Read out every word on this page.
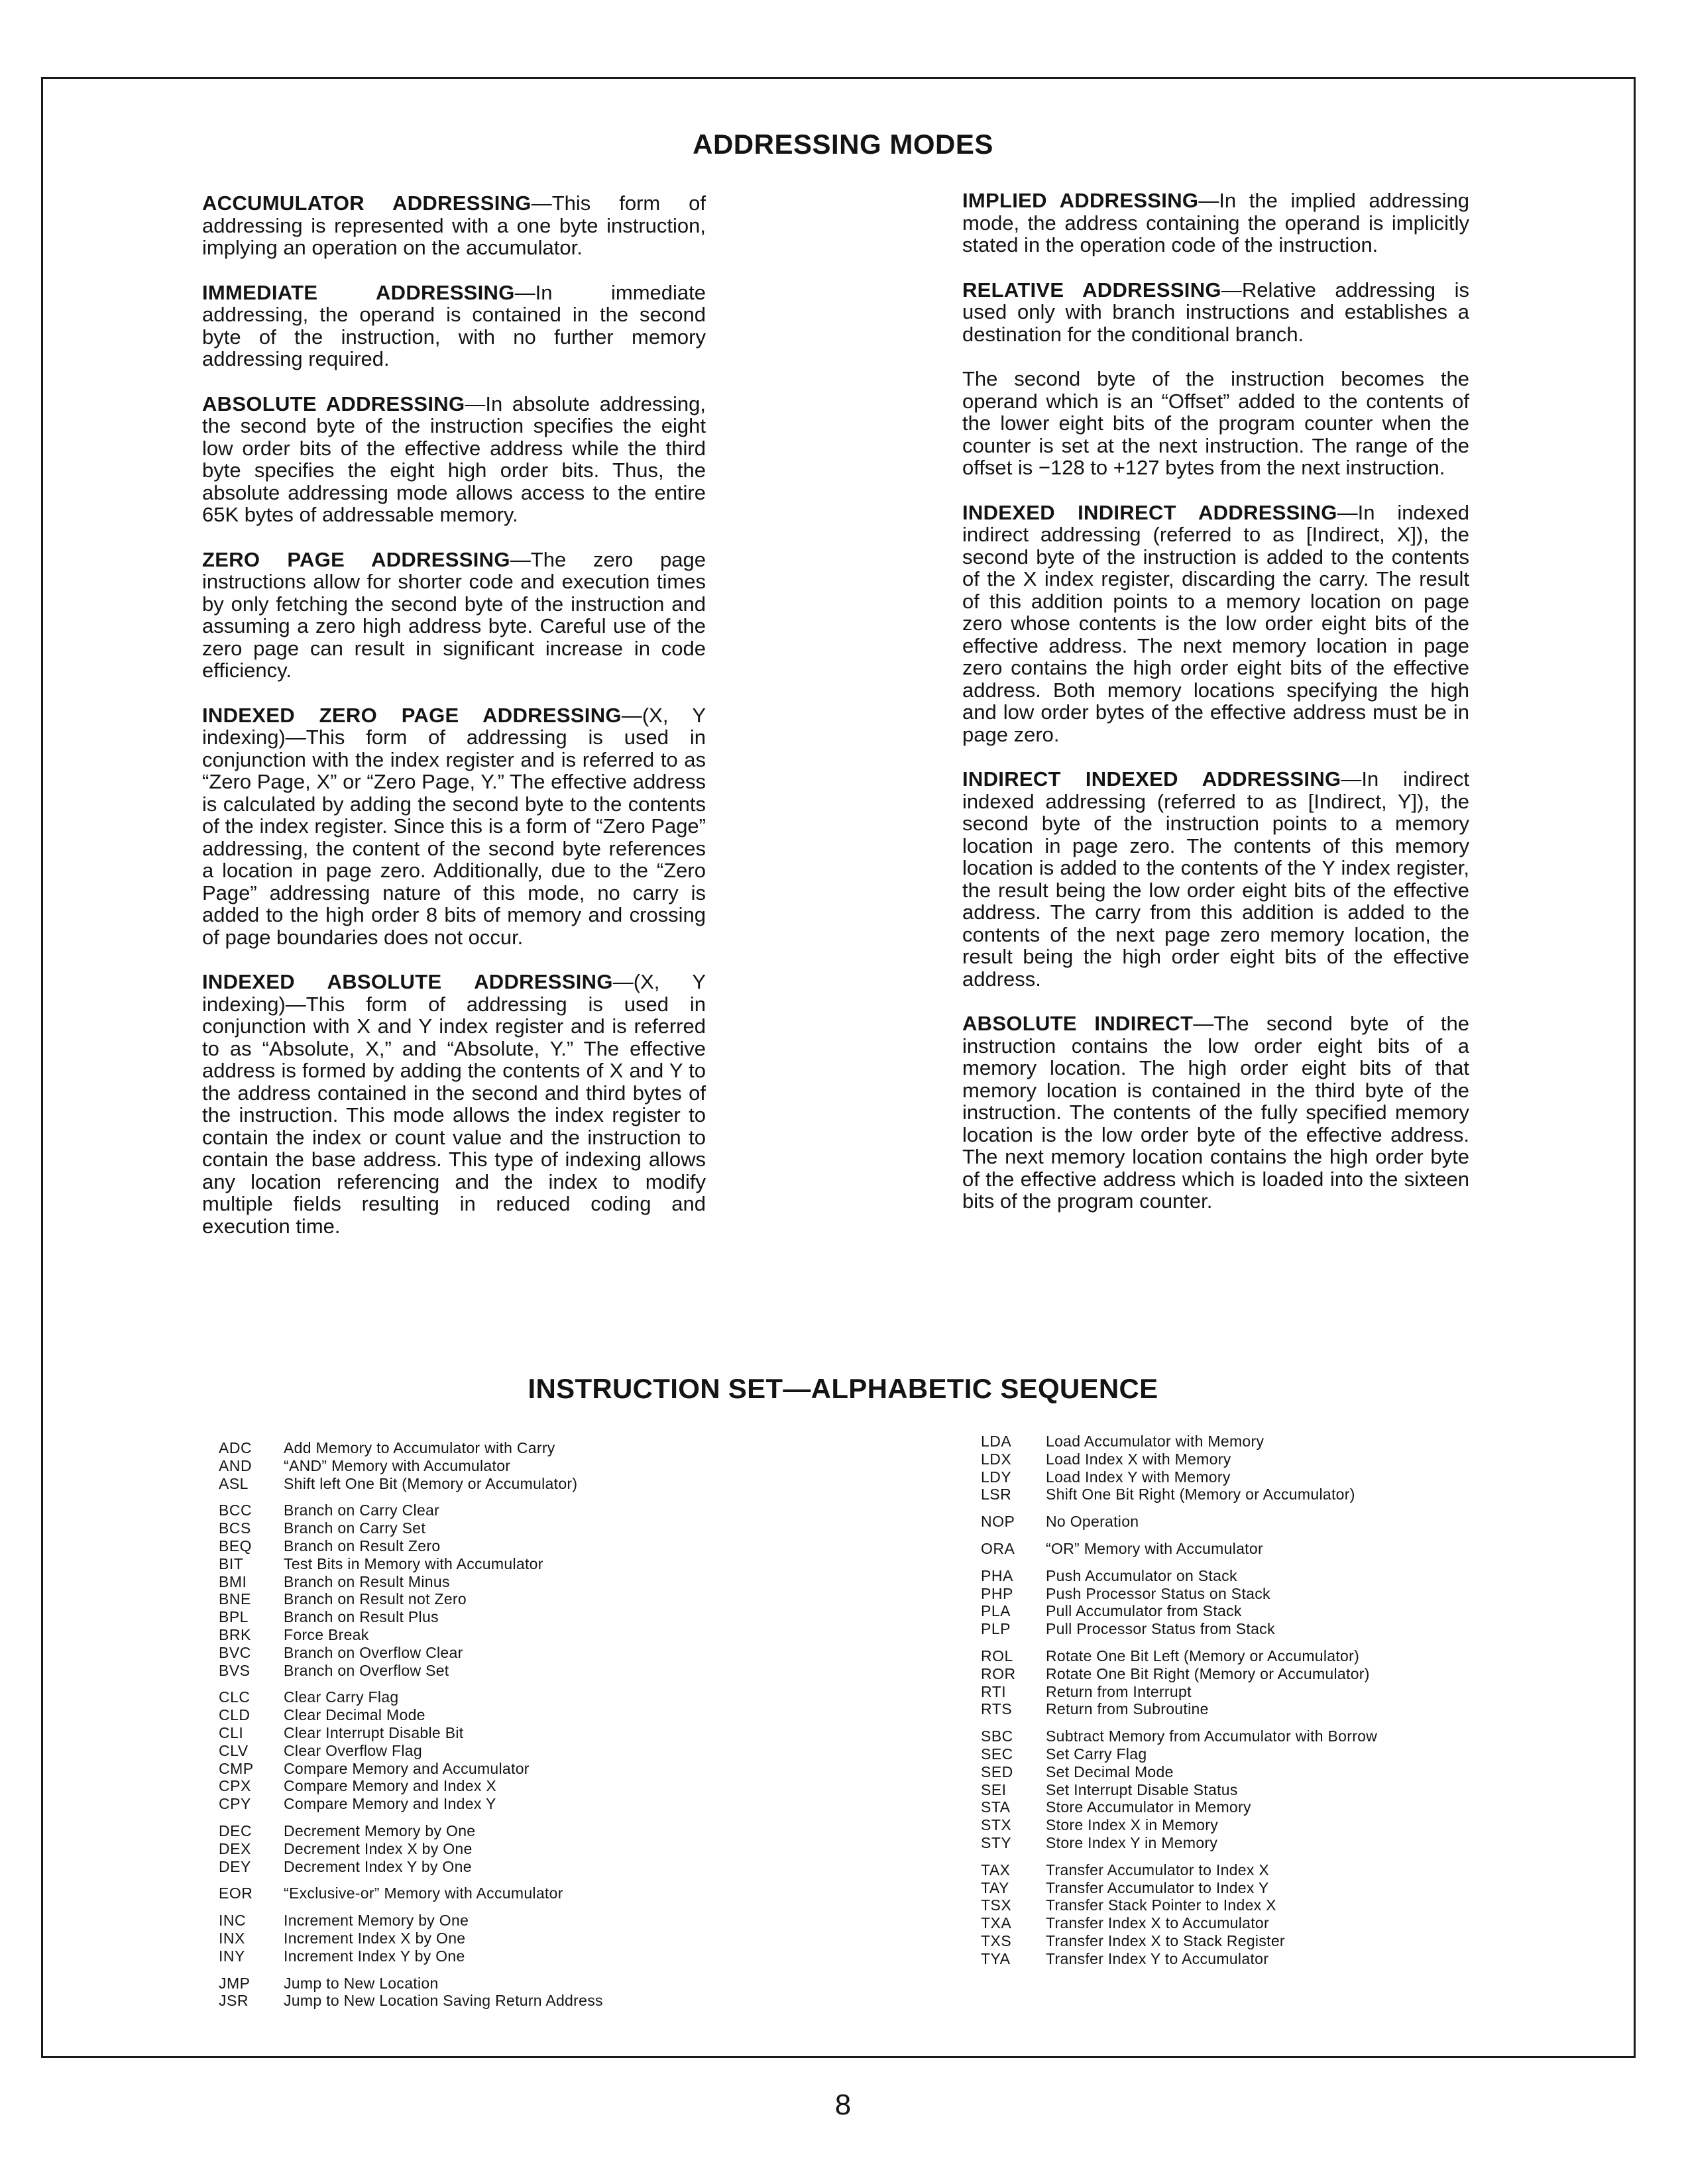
ADDRESSING MODES

ACCUMULATOR ADDRESSING—This form of addressing is represented with a one byte instruction, implying an operation on the accumulator.

IMMEDIATE ADDRESSING—In immediate addressing, the operand is contained in the second byte of the instruction, with no further memory addressing required.

ABSOLUTE ADDRESSING—In absolute addressing, the second byte of the instruction specifies the eight low order bits of the effective address while the third byte specifies the eight high order bits. Thus, the absolute addressing mode allows access to the entire 65K bytes of addressable memory.

ZERO PAGE ADDRESSING—The zero page instructions allow for shorter code and execution times by only fetching the second byte of the instruction and assuming a zero high address byte. Careful use of the zero page can result in significant increase in code efficiency.

INDEXED ZERO PAGE ADDRESSING—(X, Y indexing)—This form of addressing is used in conjunction with the index register and is referred to as “Zero Page, X” or “Zero Page, Y.” The effective address is calculated by adding the second byte to the contents of the index register. Since this is a form of “Zero Page” addressing, the content of the second byte references a location in page zero. Additionally, due to the “Zero Page” addressing nature of this mode, no carry is added to the high order 8 bits of memory and crossing of page boundaries does not occur.

INDEXED ABSOLUTE ADDRESSING—(X, Y indexing)—This form of addressing is used in conjunction with X and Y index register and is referred to as “Absolute, X,” and “Absolute, Y.” The effective address is formed by adding the contents of X and Y to the address contained in the second and third bytes of the instruction. This mode allows the index register to contain the index or count value and the instruction to contain the base address. This type of indexing allows any location referencing and the index to modify multiple fields resulting in reduced coding and execution time.

IMPLIED ADDRESSING—In the implied addressing mode, the address containing the operand is implicitly stated in the operation code of the instruction.

RELATIVE ADDRESSING—Relative addressing is used only with branch instructions and establishes a destination for the conditional branch.

The second byte of the instruction becomes the operand which is an “Offset” added to the contents of the lower eight bits of the program counter when the counter is set at the next instruction. The range of the offset is −128 to +127 bytes from the next instruction.

INDEXED INDIRECT ADDRESSING—In indexed indirect addressing (referred to as [Indirect, X]), the second byte of the instruction is added to the contents of the X index register, discarding the carry. The result of this addition points to a memory location on page zero whose contents is the low order eight bits of the effective address. The next memory location in page zero contains the high order eight bits of the effective address. Both memory locations specifying the high and low order bytes of the effective address must be in page zero.

INDIRECT INDEXED ADDRESSING—In indirect indexed addressing (referred to as [Indirect, Y]), the second byte of the instruction points to a memory location in page zero. The contents of this memory location is added to the contents of the Y index register, the result being the low order eight bits of the effective address. The carry from this addition is added to the contents of the next page zero memory location, the result being the high order eight bits of the effective address.

ABSOLUTE INDIRECT—The second byte of the instruction contains the low order eight bits of a memory location. The high order eight bits of that memory location is contained in the third byte of the instruction. The contents of the fully specified memory location is the low order byte of the effective address. The next memory location contains the high order byte of the effective address which is loaded into the sixteen bits of the program counter.

INSTRUCTION SET—ALPHABETIC SEQUENCE
ADC	Add Memory to Accumulator with Carry
AND	“AND” Memory with Accumulator
ASL	Shift left One Bit (Memory or Accumulator)
BCC	Branch on Carry Clear
BCS	Branch on Carry Set
BEQ	Branch on Result Zero
BIT	Test Bits in Memory with Accumulator
BMI	Branch on Result Minus
BNE	Branch on Result not Zero
BPL	Branch on Result Plus
BRK	Force Break
BVC	Branch on Overflow Clear
BVS	Branch on Overflow Set
CLC	Clear Carry Flag
CLD	Clear Decimal Mode
CLI	Clear Interrupt Disable Bit
CLV	Clear Overflow Flag
CMP	Compare Memory and Accumulator
CPX	Compare Memory and Index X
CPY	Compare Memory and Index Y
DEC	Decrement Memory by One
DEX	Decrement Index X by One
DEY	Decrement Index Y by One
EOR	“Exclusive-or” Memory with Accumulator
INC	Increment Memory by One
INX	Increment Index X by One
INY	Increment Index Y by One
JMP	Jump to New Location
JSR	Jump to New Location Saving Return Address
LDA	Load Accumulator with Memory
LDX	Load Index X with Memory
LDY	Load Index Y with Memory
LSR	Shift One Bit Right (Memory or Accumulator)
NOP	No Operation
ORA	“OR” Memory with Accumulator
PHA	Push Accumulator on Stack
PHP	Push Processor Status on Stack
PLA	Pull Accumulator from Stack
PLP	Pull Processor Status from Stack
ROL	Rotate One Bit Left (Memory or Accumulator)
ROR	Rotate One Bit Right (Memory or Accumulator)
RTI	Return from Interrupt
RTS	Return from Subroutine
SBC	Subtract Memory from Accumulator with Borrow
SEC	Set Carry Flag
SED	Set Decimal Mode
SEI	Set Interrupt Disable Status
STA	Store Accumulator in Memory
STX	Store Index X in Memory
STY	Store Index Y in Memory
TAX	Transfer Accumulator to Index X
TAY	Transfer Accumulator to Index Y
TSX	Transfer Stack Pointer to Index X
TXA	Transfer Index X to Accumulator
TXS	Transfer Index X to Stack Register
TYA	Transfer Index Y to Accumulator
8
